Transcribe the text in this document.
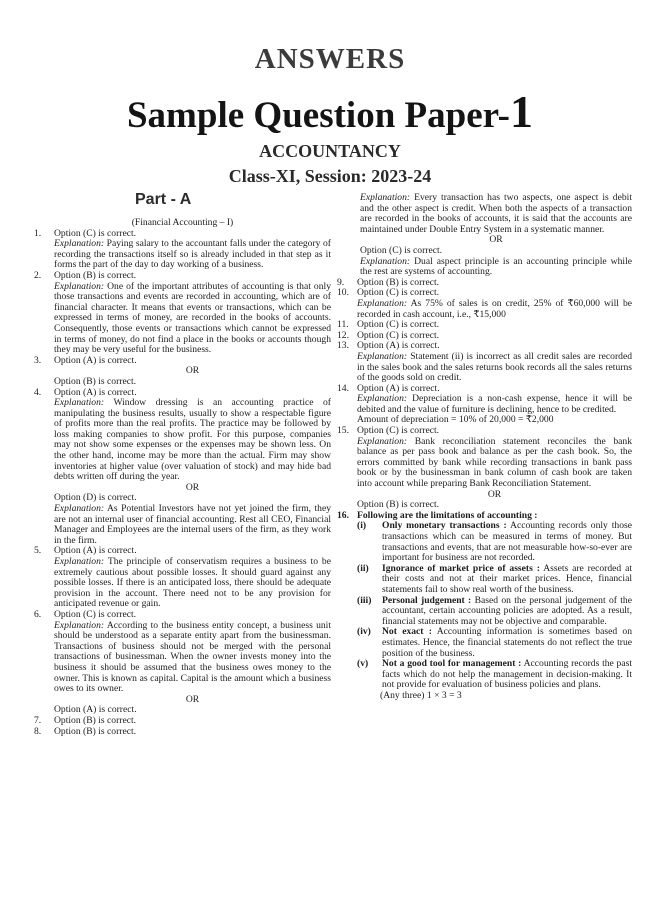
ANSWERS
Sample Question Paper-1
ACCOUNTANCY
Class-XI, Session: 2023-24
Part - A
(Financial Accounting – I)
1. Option (C) is correct.

Explanation: Paying salary to the accountant falls under the category of recording the transactions itself so is already included in that step as it forms the part of the day to day working of a business.

2. Option (B) is correct.

Explanation: One of the important attributes of accounting is that only those transactions and events are recorded in accounting, which are of financial character. It means that events or transactions, which can be expressed in terms of money, are recorded in the books of accounts. Consequently, those events or transactions which cannot be expressed in terms of money, do not find a place in the books or accounts though they may be very useful for the business.

3. Option (A) is correct.

OR

Option (B) is correct.

4. Option (A) is correct.

Explanation: Window dressing is an accounting practice of manipulating the business results, usually to show a respectable figure of profits more than the real profits. The practice may be followed by loss making companies to show profit. For this purpose, companies may not show some expenses or the expenses may be shown less. On the other hand, income may be more than the actual. Firm may show inventories at higher value (over valuation of stock) and may hide bad debts written off during the year.

OR

Option (D) is correct.

Explanation: As Potential Investors have not yet joined the firm, they are not an internal user of financial accounting. Rest all CEO, Financial Manager and Employees are the internal users of the firm, as they work in the firm.

5. Option (A) is correct.

Explanation: The principle of conservatism requires a business to be extremely cautious about possible losses. It should guard against any possible losses. If there is an anticipated loss, there should be adequate provision in the account. There need not to be any provision for anticipated revenue or gain.

6. Option (C) is correct.

Explanation: According to the business entity concept, a business unit should be understood as a separate entity apart from the businessman. Transactions of business should not be merged with the personal transactions of businessman. When the owner invests money into the business it should be assumed that the business owes money to the owner. This is known as capital. Capital is the amount which a business owes to its owner.

OR

Option (A) is correct.

7. Option (B) is correct.

8. Option (B) is correct.

Explanation: Every transaction has two aspects, one aspect is debit and the other aspect is credit. When both the aspects of a transaction are recorded in the books of accounts, it is said that the accounts are maintained under Double Entry System in a systematic manner.

OR

Option (C) is correct.

Explanation: Dual aspect principle is an accounting principle while the rest are systems of accounting.

9. Option (B) is correct.

10. Option (C) is correct.

Explanation: As 75% of sales is on credit, 25% of ₹60,000 will be recorded in cash account, i.e., ₹15,000

11. Option (C) is correct.

12. Option (C) is correct.

13. Option (A) is correct.

Explanation: Statement (ii) is incorrect as all credit sales are recorded in the sales book and the sales returns book records all the sales returns of the goods sold on credit.

14. Option (A) is correct.

Explanation: Depreciation is a non-cash expense, hence it will be debited and the value of furniture is declining, hence to be credited.

Amount of depreciation = 10% of 20,000 = ₹2,000

15. Option (C) is correct.

Explanation: Bank reconciliation statement reconciles the bank balance as per pass book and balance as per the cash book. So, the errors committed by bank while recording transactions in bank pass book or by the businessman in bank column of cash book are taken into account while preparing Bank Reconciliation Statement.

OR

Option (B) is correct.

16. Following are the limitations of accounting :

(i) Only monetary transactions : Accounting records only those transactions which can be measured in terms of money. But transactions and events, that are not measurable how-so-ever are important for business are not recorded.

(ii) Ignorance of market price of assets : Assets are recorded at their costs and not at their market prices. Hence, financial statements fail to show real worth of the business.

(iii) Personal judgement : Based on the personal judgement of the accountant, certain accounting policies are adopted. As a result, financial statements may not be objective and comparable.

(iv) Not exact : Accounting information is sometimes based on estimates. Hence, the financial statements do not reflect the true position of the business.

(v) Not a good tool for management : Accounting records the past facts which do not help the management in decision-making. It not provide for evaluation of business policies and plans.

(Any three) 1 × 3 = 3
